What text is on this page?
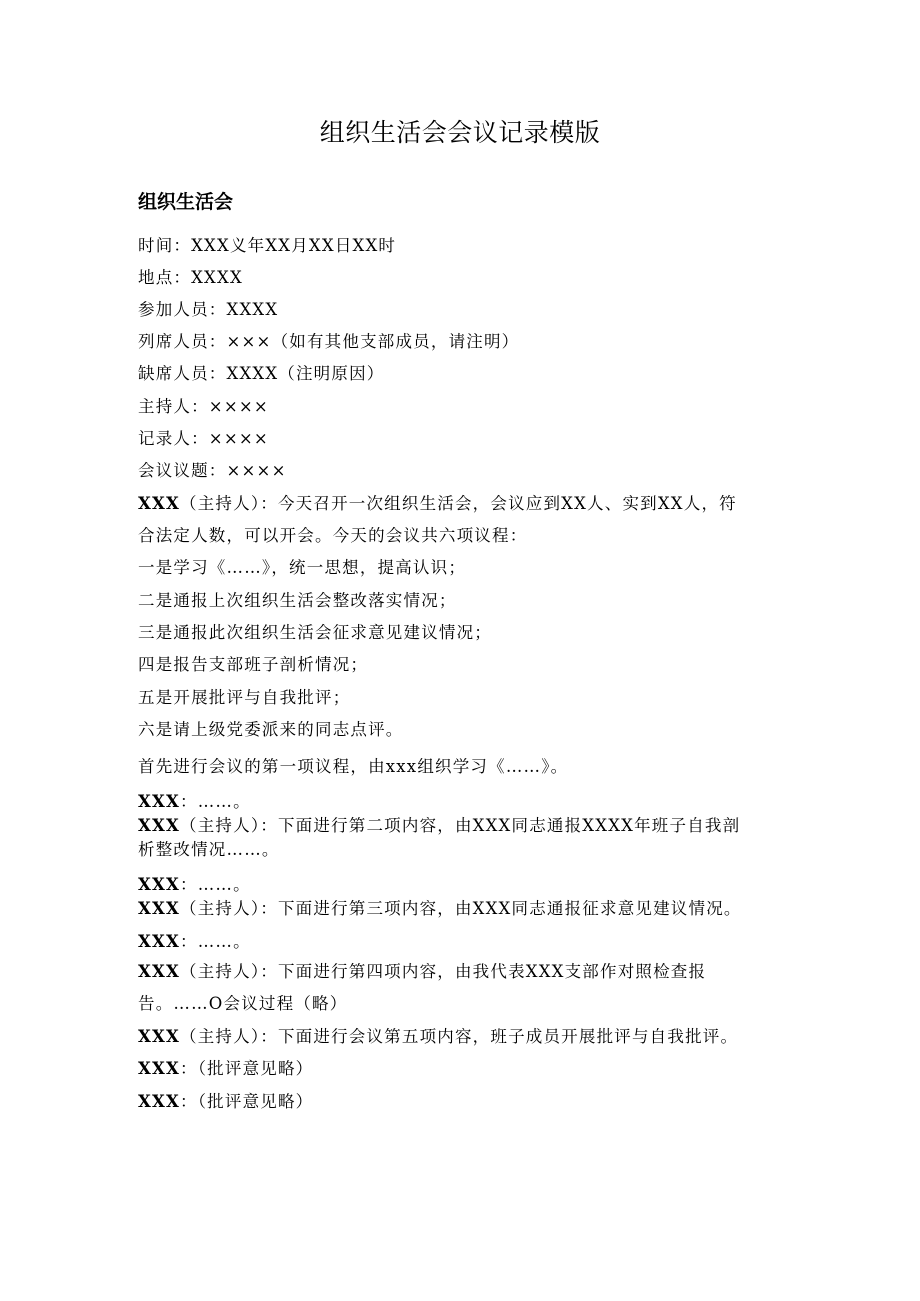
组织生活会会议记录模版
组织生活会
时间：XXX义年XX月XX日XX时
地点：XXXX
参加人员：XXXX
列席人员：×××（如有其他支部成员，请注明）
缺席人员：XXXX（注明原因）
主持人：××××
记录人：××××
会议议题：××××
XXX（主持人）：今天召开一次组织生活会，会议应到XX人、实到XX人，符
合法定人数，可以开会。今天的会议共六项议程：
一是学习《……》，统一思想，提高认识；
二是通报上次组织生活会整改落实情况；
三是通报此次组织生活会征求意见建议情况；
四是报告支部班子剖析情况；
五是开展批评与自我批评；
六是请上级党委派来的同志点评。
首先进行会议的第一项议程，由xxx组织学习《……》。
XXX：……。
XXX（主持人）：下面进行第二项内容，由XXX同志通报XXXX年班子自我剖
析整改情况……。
XXX：……。
XXX（主持人）：下面进行第三项内容，由XXX同志通报征求意见建议情况。
XXX：……。
XXX（主持人）：下面进行第四项内容，由我代表XXX支部作对照检查报
告。……O会议过程（略）
XXX（主持人）：下面进行会议第五项内容，班子成员开展批评与自我批评。
XXX：（批评意见略）
XXX：（批评意见略）
